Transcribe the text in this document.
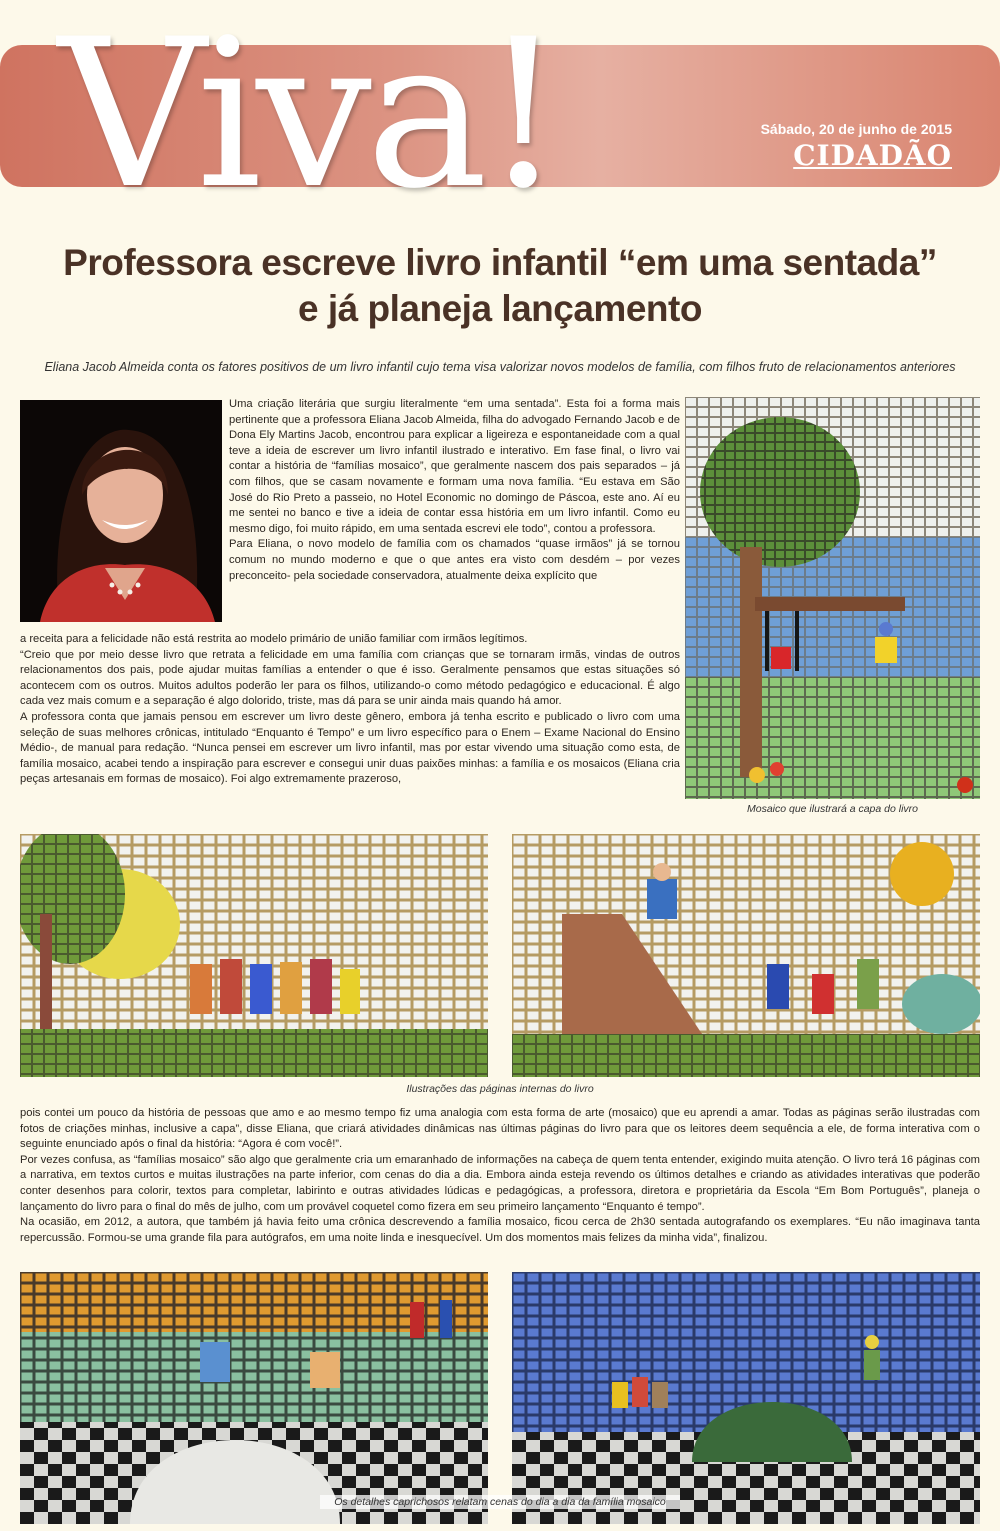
Viva!	Sábado, 20 de junho de 2015
CIDADÃO
Professora escreve livro infantil “em uma sentada”
e já planeja lançamento
Eliana Jacob Almeida conta os fatores positivos de um livro infantil cujo tema visa valorizar novos modelos de família, com filhos fruto de relacionamentos anteriores

Uma criação literária que surgiu literalmente “em uma sentada”. Esta foi a forma mais pertinente que a professora Eliana Jacob Almeida, filha do advogado Fernando Jacob e de Dona Ely Martins Jacob, encontrou para explicar a ligeireza e espontaneidade com a qual teve a ideia de escrever um livro infantil ilustrado e interativo. Em fase final, o livro vai contar a história de “famílias mosaico”, que geralmente nascem dos pais separados – já com filhos, que se casam novamente e formam uma nova família. “Eu estava em São José do Rio Preto a passeio, no Hotel Economic no domingo de Páscoa, este ano. Aí eu me sentei no banco e tive a ideia de contar essa história em um livro infantil. Como eu mesmo digo, foi muito rápido, em uma sentada escrevi ele todo”, contou a professora.

Para Eliana, o novo modelo de família com os chamados “quase irmãos” já se tornou comum no mundo moderno e que o que antes era visto com desdém – por vezes preconceito- pela sociedade conservadora, atualmente deixa explícito que

a receita para a felicidade não está restrita ao modelo primário de união familiar com irmãos legítimos.

“Creio que por meio desse livro que retrata a felicidade em uma família com crianças que se tornaram irmãs, vindas de outros relacionamentos dos pais, pode ajudar muitas famílias a entender o que é isso. Geralmente pensamos que estas situações só acontecem com os outros. Muitos adultos poderão ler para os filhos, utilizando-o como método pedagógico e educacional. É algo cada vez mais comum e a separação é algo dolorido, triste, mas dá para se unir ainda mais quando há amor.

A professora conta que jamais pensou em escrever um livro deste gênero, embora já tenha escrito e publicado o livro com uma seleção de suas melhores crônicas, intitulado “Enquanto é Tempo” e um livro específico para o Enem – Exame Nacional do Ensino Médio-, de manual para redação. “Nunca pensei em escrever um livro infantil, mas por estar vivendo uma situação como esta, de família mosaico, acabei tendo a inspiração para escrever e consegui unir duas paixões minhas: a família e os mosaicos (Eliana cria peças artesanais em formas de mosaico). Foi algo extremamente prazeroso,

Mosaico que ilustrará a capa do livro
Ilustrações das páginas internas do livro

pois contei um pouco da história de pessoas que amo e ao mesmo tempo fiz uma analogia com esta forma de arte (mosaico) que eu aprendi a amar. Todas as páginas serão ilustradas com fotos de criações minhas, inclusive a capa”, disse Eliana, que criará atividades dinâmicas nas últimas páginas do livro para que os leitores deem sequência a ele, de forma interativa com o seguinte enunciado após o final da história: “Agora é com você!”.

Por vezes confusa, as “famílias mosaico” são algo que geralmente cria um emaranhado de informações na cabeça de quem tenta entender, exigindo muita atenção. O livro terá 16 páginas com a narrativa, em textos curtos e muitas ilustrações na parte inferior, com cenas do dia a dia. Embora ainda esteja revendo os últimos detalhes e criando as atividades interativas que poderão conter desenhos para colorir, textos para completar, labirinto e outras atividades lúdicas e pedagógicas, a professora, diretora e proprietária da Escola “Em Bom Português”, planeja o lançamento do livro para o final do mês de julho, com um provável coquetel como fizera em seu primeiro lançamento “Enquanto é tempo”.

Na ocasião, em 2012, a autora, que também já havia feito uma crônica descrevendo a família mosaico, ficou cerca de 2h30 sentada autografando os exemplares. “Eu não imaginava tanta repercussão. Formou-se uma grande fila para autógrafos, em uma noite linda e inesquecível. Um dos momentos mais felizes da minha vida”, finalizou.

Os detalhes caprichosos relatam cenas do dia a dia da família mosaico
